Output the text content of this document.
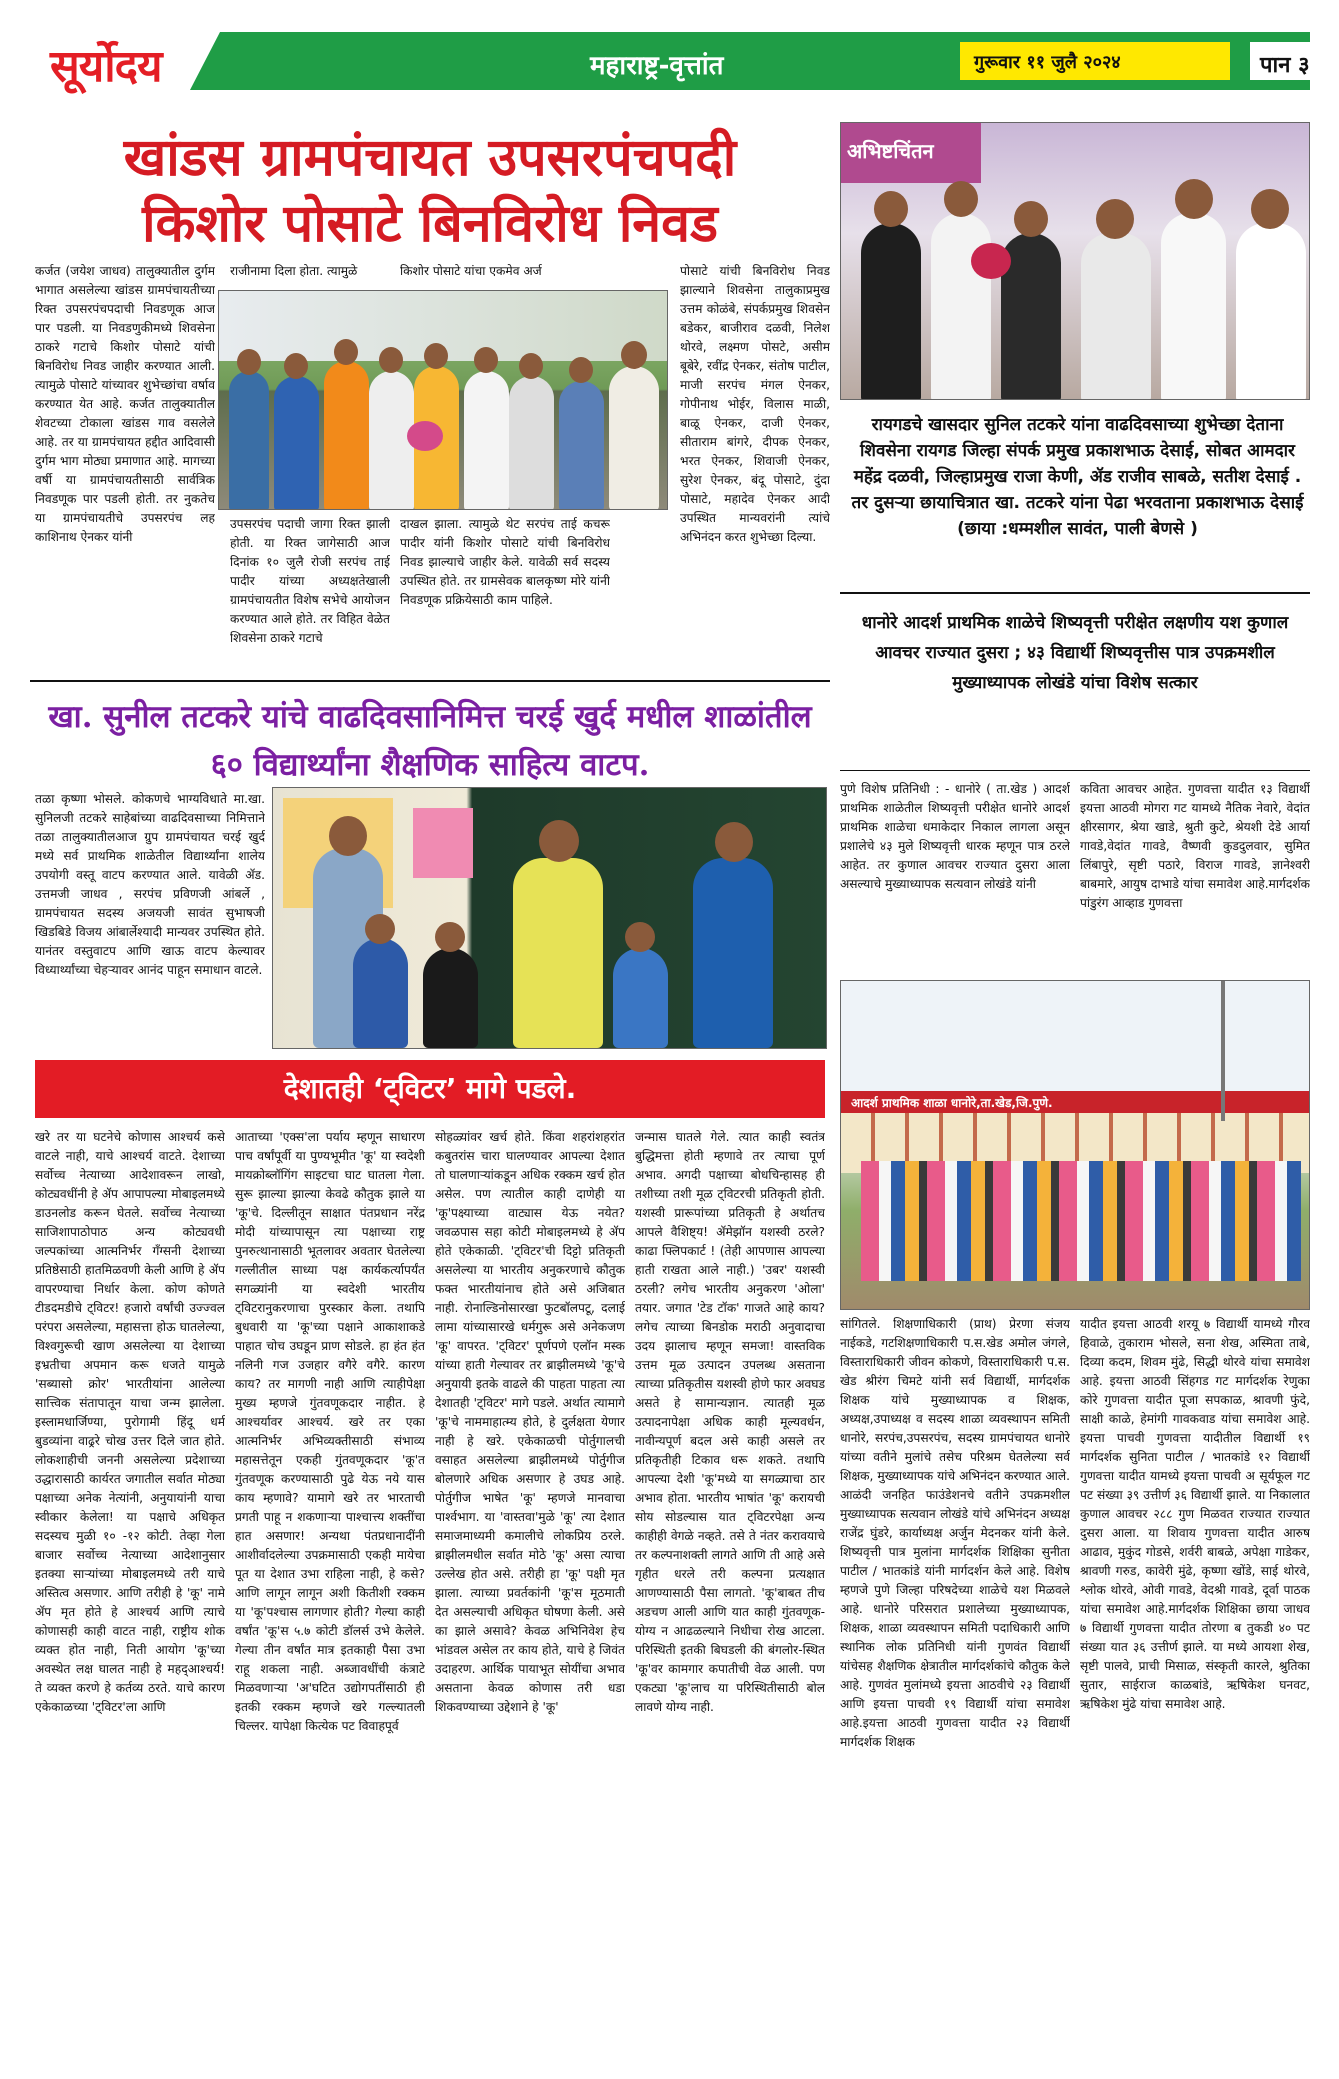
सूर्योदय	महाराष्ट्र-वृत्तांत	गुरूवार ११ जुलै २०२४	पान ३
खांडस ग्रामपंचायत उपसरपंचपदी
किशोर पोसाटे बिनविरोध निवड
कर्जत (जयेश जाधव) तालुक्यातील दुर्गम भागात असलेल्या खांडस ग्रामपंचायतीच्या रिक्त उपसरपंचपदाची निवडणूक आज पार पडली. या निवडणुकीमध्ये शिवसेना ठाकरे गटाचे किशोर पोसाटे यांची बिनविरोध निवड जाहीर करण्यात आली. त्यामुळे पोसाटे यांच्यावर शुभेच्छांचा वर्षाव करण्यात येत आहे. कर्जत तालुक्यातील शेवटच्या टोकाला खांडस गाव वसलेले आहे. तर या ग्रामपंचायत हद्दीत आदिवासी दुर्गम भाग मोठ्या प्रमाणात आहे. मागच्या वर्षी या ग्रामपंचायतीसाठी सार्वत्रिक निवडणूक पार पडली होती. तर नुकतेच या ग्रामपंचायतीचे उपसरपंच लह काशिनाथ ऐनकर यांनी
राजीनामा दिला होता. त्यामुळे	किशोर पोसाटे यांचा एकमेव अर्ज	पोसाटे यांची बिनविरोध निवड झाल्याने शिवसेना तालुकाप्रमुख उत्तम कोळंबे, संपर्कप्रमुख शिवसेन बडेकर, बाजीराव दळवी, निलेश थोरवे, लक्ष्मण पोसटे, असीम बूबेरे, रवींद्र ऐनकर, संतोष पाटील, माजी सरपंच मंगल ऐनकर, गोपीनाथ भोईर, विलास माळी, बाळू ऐनकर, दाजी ऐनकर, सीताराम बांगरे, दीपक ऐनकर, भरत ऐनकर, शिवाजी ऐनकर, सुरेश ऐनकर, बंदू पोसाटे, दुंदा पोसाटे, महादेव ऐनकर आदी उपस्थित मान्यवरांनी त्यांचे अभिनंदन करत शुभेच्छा दिल्या.
उपसरपंच पदाची जागा रिक्त झाली होती. या रिक्त जागेसाठी आज दिनांक १० जुलै रोजी सरपंच ताई पादीर यांच्या अध्यक्षतेखाली ग्रामपंचायतीत विशेष सभेचे आयोजन करण्यात आले होते. तर विहित वेळेत शिवसेना ठाकरे गटाचे
दाखल झाला. त्यामुळे थेट सरपंच ताई कचरू पादीर यांनी किशोर पोसाटे यांची बिनविरोध निवड झाल्याचे जाहीर केले. यावेळी सर्व सदस्य उपस्थित होते. तर ग्रामसेवक बालकृष्ण मोरे यांनी निवडणूक प्रक्रियेसाठी काम पाहिले.
अभिष्टचिंतन
रायगडचे खासदार सुनिल तटकरे यांना वाढदिवसाच्या शुभेच्छा देताना शिवसेना रायगड जिल्हा संपर्क प्रमुख प्रकाशभाऊ देसाई, सोबत आमदार महेंद्र दळवी, जिल्हाप्रमुख राजा केणी, ॲड राजीव साबळे, सतीश देसाई . तर दुसऱ्या छायाचित्रात खा. तटकरे यांना पेढा भरवताना प्रकाशभाऊ देसाई (छाया :धम्मशील सावंत, पाली बेणसे )
धानोरे आदर्श प्राथमिक शाळेचे शिष्यवृत्ती परीक्षेत लक्षणीय यश कुणाल आवचर राज्यात दुसरा ; ४३ विद्यार्थी शिष्यवृत्तीस पात्र उपक्रमशील मुख्याध्यापक लोखंडे यांचा विशेष सत्कार
पुणे विशेष प्रतिनिधी : - धानोरे ( ता.खेड ) आदर्श प्राथमिक शाळेतील शिष्यवृत्ती परीक्षेत धानोरे आदर्श प्राथमिक शाळेचा धमाकेदार निकाल लागला असून प्रशालेचे ४३ मुले शिष्यवृत्ती धारक म्हणून पात्र ठरले आहेत. तर कुणाल आवचर राज्यात दुसरा आला असल्याचे मुख्याध्यापक सत्यवान लोखंडे यांनी
कविता आवचर आहेत. गुणवत्ता यादीत १३ विद्यार्थी इयत्ता आठवी मोगरा गट यामध्ये नैतिक नेवारे, वेदांत क्षीरसागर, श्रेया खाडे, श्रुती कुटे, श्रेयशी देडे आर्या गावडे,वेदांत गावडे, वैष्णवी कुडदुलवार, सुमित लिंबापुरे, सृष्टी पठारे, विराज गावडे, ज्ञानेश्वरी बाबमारे, आयुष दाभाडे यांचा समावेश आहे.मार्गदर्शक पांडुरंग आव्हाड गुणवत्ता
आदर्श प्राथमिक शाळा धानोरे,ता.खेड,जि.पुणे.
सांगितले. शिक्षणाधिकारी (प्राथ) प्रेरणा संजय नाईकडे, गटशिक्षणाधिकारी प.स.खेड अमोल जंगले, विस्ताराधिकारी जीवन कोकणे, विस्ताराधिकारी प.स. खेड श्रीरंग चिमटे यांनी सर्व विद्यार्थी, मार्गदर्शक शिक्षक यांचे मुख्याध्यापक व शिक्षक, अध्यक्ष,उपाध्यक्ष व सदस्य शाळा व्यवस्थापन समिती धानोरे, सरपंच,उपसरपंच, सदस्य ग्रामपंचायत धानोरे यांच्या वतीने मुलांचे तसेच परिश्रम घेतलेल्या सर्व शिक्षक, मुख्याध्यापक यांचे अभिनंदन करण्यात आले. आळंदी जनहित फाउंडेशनचे वतीने उपक्रमशील मुख्याध्यापक सत्यवान लोखंडे यांचे अभिनंदन अध्यक्ष राजेंद्र घुंडरे, कार्याध्यक्ष अर्जुन मेदनकर यांनी केले. शिष्यवृत्ती पात्र मुलांना मार्गदर्शक शिक्षिका सुनीता पाटील / भातकांडे यांनी मार्गदर्शन केले आहे. विशेष म्हणजे पुणे जिल्हा परिषदेच्या शाळेचे यश मिळवले आहे. धानोरे परिसरात प्रशालेच्या मुख्याध्यापक, शिक्षक, शाळा व्यवस्थापन समिती पदाधिकारी आणि स्थानिक लोक प्रतिनिधी यांनी गुणवंत विद्यार्थी यांचेसह शैक्षणिक क्षेत्रातील मार्गदर्शकांचे कौतुक केले आहे. गुणवंत मुलांमध्ये इयत्ता आठवीचे २३ विद्यार्थी आणि इयत्ता पाचवी १९ विद्यार्थी यांचा समावेश आहे.इयत्ता आठवी गुणवत्ता यादीत २३ विद्यार्थी मार्गदर्शक शिक्षक
यादीत इयत्ता आठवी शरयू ७ विद्यार्थी यामध्ये गौरव हिवाळे, तुकाराम भोसले, सना शेख, अस्मिता ताबे, दिव्या कदम, शिवम मुंढे, सिद्धी थोरवे यांचा समावेश आहे. इयत्ता आठवी सिंहगड गट मार्गदर्शक रेणुका कोरे गुणवत्ता यादीत पूजा सपकाळ, श्रावणी फुंदे, साक्षी काळे, हेमांगी गावकवाड यांचा समावेश आहे. इयत्ता पाचवी गुणवत्ता यादीतील विद्यार्थी १९ मार्गदर्शक सुनिता पाटील / भातकांडे १२ विद्यार्थी गुणवत्ता यादीत यामध्ये इयत्ता पाचवी अ सूर्यफूल गट पट संख्या ३९ उत्तीर्ण ३६ विद्यार्थी झाले. या निकालात कुणाल आवचर २८८ गुण मिळवत राज्यात राज्यात दुसरा आला. या शिवाय गुणवत्ता यादीत आरुष आढाव, मुकुंद गोडसे, शर्वरी बाबळे, अपेक्षा गाडेकर, श्रावणी गरुड, कावेरी मुंढे, कृष्णा खोंडे, साई थोरवे, श्लोक थोरवे, ओवी गावडे, वेदश्री गावडे, दूर्वा पाठक यांचा समावेश आहे.मार्गदर्शक शिक्षिका छाया जाधव ७ विद्यार्थी गुणवत्ता यादीत तोरणा ब तुकडी ४० पट संख्या यात ३६ उत्तीर्ण झाले. या मध्ये आयशा शेख, सृष्टी पालवे, प्राची मिसाळ, संस्कृती कारले, श्रुतिका सुतार, साईराज काळबांडे, ऋषिकेश घनवट, ऋषिकेश मुंढे यांचा समावेश आहे.
खा. सुनील तटकरे यांचे वाढदिवसानिमित्त चरई खुर्द मधील शाळांतील ६० विद्यार्थ्यांना शैक्षणिक साहित्य वाटप.
तळा कृष्णा भोसले. कोकणचे भाग्यविधाते मा.खा. सुनिलजी तटकरे साहेबांच्या वाढदिवसाच्या निमित्ताने तळा तालुक्यातीलआज ग्रुप ग्रामपंचायत चरई खुर्द मध्ये सर्व प्राथमिक शाळेतील विद्यार्थ्यांना शालेय उपयोगी वस्तू वाटप करण्यात आले. यावेळी ॲड. उत्तमजी जाधव , सरपंच प्रविणजी आंबर्ले , ग्रामपंचायत सदस्य अजयजी सावंत सुभाषजी खिडबिडे विजय आंबार्लेश्यादी मान्यवर उपस्थित होते. यानंतर वस्तुवाटप आणि खाऊ वाटप केल्यावर विध्यार्थ्यांच्या चेहऱ्यावर आनंद पाहून समाधान वाटले.
देशातही ‘ट्विटर’ मागे पडले.
खरे तर या घटनेचे कोणास आश्चर्य कसे वाटले नाही, याचे आश्चर्य वाटते. देशाच्या सर्वोच्च नेत्याच्या आदेशावरून लाखो, कोट्यवधींनी हे ॲप आपापल्या मोबाइलमध्ये डाउनलोड करून घेतले. सर्वोच्च नेत्याच्या साजिशापाठोपाठ अन्य कोट्यवधी जल्पकांच्या आत्मनिर्भर गँग्सनी देशाच्या प्रतिष्ठेसाठी हातमिळवणी केली आणि हे ॲप वापरण्याचा निर्धार केला. कोण कोणते टीडदमडीचे ट्विटर! हजारो वर्षांची उज्ज्वल परंपरा असलेल्या, महासत्ता होऊ घातलेल्या, विश्वगुरूची खाण असलेल्या या देशाच्या इभ्रतीचा अपमान करू धजते यामुळे 'सब्यासो क्रोर' भारतीयांना आलेल्या सात्त्विक संतापातून याचा जन्म झालेला. इस्लामधार्जिण्या, पुरोगामी हिंदू धर्म बुडव्यांना वाढ्ररे चोख उत्तर दिले जात होते. लोकशाहीची जननी असलेल्या प्रदेशाच्या उद्धारासाठी कार्यरत जगातील सर्वात मोठ्या पक्षाच्या अनेक नेत्यांनी, अनुयायांनी याचा स्वीकार केलेला! या पक्षाचे अधिकृत सदस्यच मुळी १० -१२ कोटी. तेव्हा गेला बाजार सर्वोच्च नेत्याच्या आदेशानुसार इतक्या साऱ्यांच्या मोबाइलमध्ये तरी याचे अस्तित्व असणार. आणि तरीही हे 'कू' नामे ॲप मृत होते हे आश्चर्य आणि त्याचे कोणासही काही वाटत नाही, राष्ट्रीय शोक व्यक्त होत नाही, निती आयोग 'कू'च्या अवस्थेत लक्ष घालत नाही हे महद्आश्चर्य! ते व्यक्त करणे हे कर्तव्य ठरते. याचे कारण एकेकाळच्या 'ट्विटर'ला आणि
आताच्या 'एक्स'ला पर्याय म्हणून साधारण पाच वर्षांपूर्वी या पुण्यभूमीत 'कू' या स्वदेशी मायक्रोब्लॉगिंग साइटचा घाट घातला गेला. सुरू झाल्या झाल्या केवढे कौतुक झाले या 'कू'चे. दिल्लीतून साक्षात पंतप्रधान नरेंद्र मोदी यांच्यापासून त्या पक्षाच्या राष्ट्र पुनरुत्थानासाठी भूतलावर अवतार घेतलेल्या गल्लीतील साध्या पक्ष कार्यकर्त्यापर्यंत सगळ्यांनी या स्वदेशी भारतीय ट्विटरानुकरणाचा पुरस्कार केला. तथापि बुधवारी या 'कू'च्या पक्षाने आकाशाकडे पाहात चोच उघडून प्राण सोडले. हा हंत हंत नलिनी गज उजहार वगैरे वगैरे. कारण काय? तर मागणी नाही आणि त्याहीपेक्षा मुख्य म्हणजे गुंतवणूकदार नाहीत. हे आश्चर्यावर आश्चर्य. खरे तर एका आत्मनिर्भर अभिव्यक्तीसाठी संभाव्य महासत्तेतून एकही गुंतवणूकदार 'कू'त गुंतवणूक करण्यासाठी पुढे येऊ नये यास काय म्हणावे? यामागे खरे तर भारताची प्रगती पाहू न शकणाऱ्या पाश्चात्त्य शक्तींचा हात असणार! अन्यथा पंतप्रधानादींनी आशीर्वादलेल्या उपक्रमासाठी एकही मायेचा पूत या देशात उभा राहिला नाही, हे कसे? आणि लागून लागून अशी कितीशी रक्कम या 'कू'पश्चास लागणार होती? गेल्या काही वर्षांत 'कू'स ५.७ कोटी डॉलर्स उभे केलेले. गेल्या तीन वर्षांत मात्र इतकाही पैसा उभा राहू शकला नाही. अब्जावधींची कंत्राटे मिळवणाऱ्या 'अ'घटित उद्योगपतींसाठी ही इतकी रक्कम म्हणजे खरे गल्ल्यातली चिल्लर. यापेक्षा कित्येक पट विवाहपूर्व
सोहळ्यांवर खर्च होते. किंवा शहरांशहरांत कबुतरांस चारा घालण्यावर आपल्या देशात तो घालणाऱ्यांकडून अधिक रक्कम खर्च होत असेल. पण त्यातील काही दाणेही या 'कू'पक्ष्याच्या वाट्यास येऊ नयेत? जवळपास सहा कोटी मोबाइलमध्ये हे ॲप होते एकेकाळी. 'ट्विटर'ची दिट्टो प्रतिकृती असलेल्या या भारतीय अनुकरणाचे कौतुक फक्त भारतीयांनाच होते असे अजिबात नाही. रोनाल्डिनोसारखा फुटबॉलपटू, दलाई लामा यांच्यासारखे धर्मगुरू असे अनेकजण 'कू' वापरत. 'ट्विटर' पूर्णपणे एलॉन मस्क यांच्या हाती गेल्यावर तर ब्राझीलमध्ये 'कू'चे अनुयायी इतके वाढले की पाहता पाहता त्या देशातही 'ट्विटर' मागे पडले. अर्थात त्यामागे 'कू'चे नाममाहात्म्य होते, हे दुर्लक्षता येणार नाही हे खरे. एकेकाळची पोर्तुगालची वसाहत असलेल्या ब्राझीलमध्ये पोर्तुगीज बोलणारे अधिक असणार हे उघड आहे. पोर्तुगीज भाषेत 'कू' म्हणजे मानवाचा पार्श्वभाग. या 'वास्तवा'मुळे 'कू' त्या देशात समाजमाध्यमी कमालीचे लोकप्रिय ठरले. ब्राझीलमधील सर्वात मोठे 'कू' असा त्याचा उल्लेख होत असे. तरीही हा 'कू' पक्षी मृत झाला. त्याच्या प्रवर्तकांनी 'कू'स मूठमाती देत असल्याची अधिकृत घोषणा केली. असे का झाले असावे? केवळ अभिनिवेश हेच भांडवल असेल तर काय होते, याचे हे जिवंत उदाहरण. आर्थिक पायाभूत सोयींचा अभाव असताना केवळ कोणास तरी धडा शिकवण्याच्या उद्देशाने हे 'कू'
जन्मास घातले गेले. त्यात काही स्वतंत्र बुद्धिमत्ता होती म्हणावे तर त्याचा पूर्ण अभाव. अगदी पक्षाच्या बोधचिन्हासह ही तशीच्या तशी मूळ ट्विटरची प्रतिकृती होती. यशस्वी प्रारूपांच्या प्रतिकृती हे अर्थातच आपले वैशिष्ट्य! ॲमेझॉन यशस्वी ठरले? काढा फ्लिपकार्ट ! (तेही आपणास आपल्या हाती राखता आले नाही.) 'उबर' यशस्वी ठरली? लगेच भारतीय अनुकरण 'ओला' तयार. जगात 'टेड टॉक' गाजते आहे काय? लगेच त्याच्या बिनडोक मराठी अनुवादाचा उदय झालाच म्हणून समजा! वास्तविक उत्तम मूळ उत्पादन उपलब्ध असताना त्याच्या प्रतिकृतीस यशस्वी होणे फार अवघड असते हे सामान्यज्ञान. त्यातही मूळ उत्पादनापेक्षा अधिक काही मूल्यवर्धन, नावीन्यपूर्ण बदल असे काही असले तर प्रतिकृतीही टिकाव धरू शकते. तथापि आपल्या देशी 'कू'मध्ये या सगळ्याचा ठार अभाव होता. भारतीय भाषांत 'कू' करायची सोय सोडल्यास यात ट्विटरपेक्षा अन्य काहीही वेगळे नव्हते. तसे ते नंतर करावयाचे तर कल्पनाशक्ती लागते आणि ती आहे असे गृहीत धरले तरी कल्पना प्रत्यक्षात आणण्यासाठी पैसा लागतो. 'कू'बाबत तीच अडचण आली आणि यात काही गुंतवणूक-योग्य न आढळल्याने निधीचा रोख आटला. परिस्थिती इतकी बिघडली की बंगलोर-स्थित 'कू'वर कामगार कपातीची वेळ आली. पण एकट्या 'कू'लाच या परिस्थितीसाठी बोल लावणे योग्य नाही.
